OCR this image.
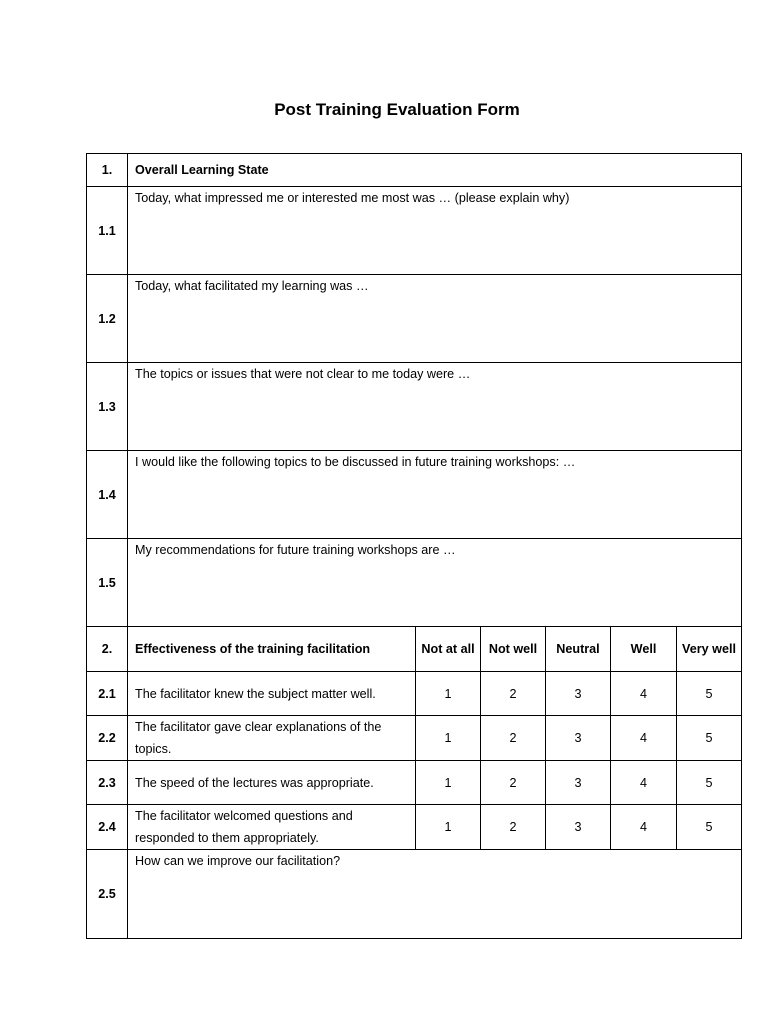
Post Training Evaluation Form
1.	Overall Learning State					
1.1	Today, what impressed me or interested me most was … (please explain why)					
1.2	Today, what facilitated my learning was …					
1.3	The topics or issues that were not clear to me today were …					
1.4	I would like the following topics to be discussed in future training workshops: …					
1.5	My recommendations for future training workshops are …					
2.	Effectiveness of the training facilitation	Not at all	Not well	Neutral	Well	Very well
2.1	The facilitator knew the subject matter well.	1	2	3	4	5
2.2	The facilitator gave clear explanations of the topics.	1	2	3	4	5
2.3	The speed of the lectures was appropriate.	1	2	3	4	5
2.4	The facilitator welcomed questions and responded to them appropriately.	1	2	3	4	5
2.5	How can we improve our facilitation?					
